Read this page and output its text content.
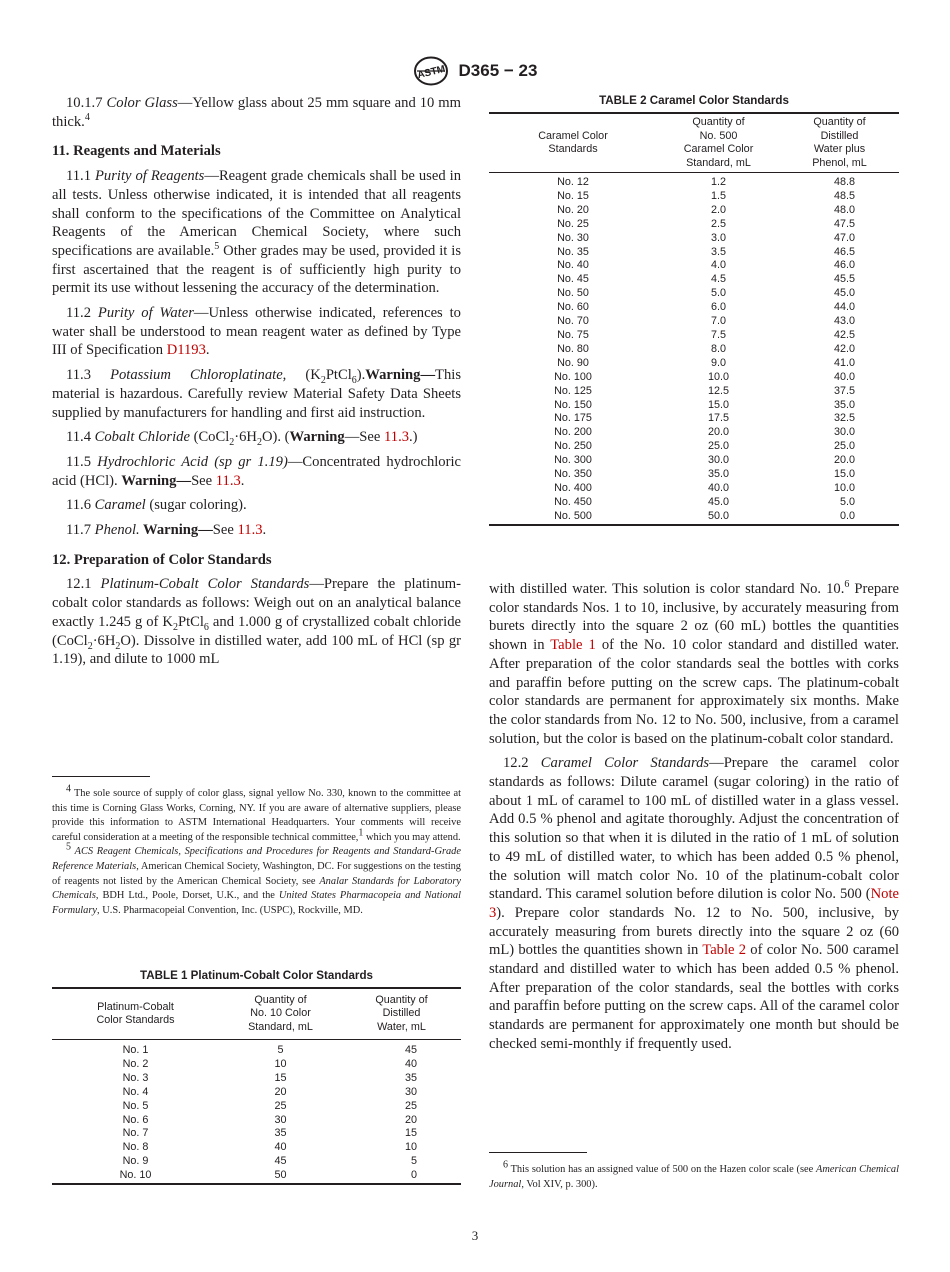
ASTM D365 − 23

10.1.7 Color Glass—Yellow glass about 25 mm square and 10 mm thick.$^4$

11. Reagents and Materials

11.1 Purity of Reagents—Reagent grade chemicals shall be used in all tests. Unless otherwise indicated, it is intended that all reagents shall conform to the specifications of the Committee on Analytical Reagents of the American Chemical Society, where such specifications are available.$^5$ Other grades may be used, provided it is first ascertained that the reagent is of sufficiently high purity to permit its use without lessening the accuracy of the determination.

11.2 Purity of Water—Unless otherwise indicated, references to water shall be understood to mean reagent water as defined by Type III of Specification D1193.

11.3 Potassium Chloroplatinate, $(K_2PtCl_6).Warning—This$ material is hazardous. Carefully review Material Safety Data Sheets supplied by manufacturers for handling and first aid instruction.

11.4 Cobalt Chloride $(CoCl_2\cdot 6H_2O)$. (Warning—See 11.3.)

11.5 Hydrochloric Acid (sp gr 1.19)—Concentrated hydrochloric acid (HCl). Warning—See 11.3.

11.6 Caramel (sugar coloring).

11.7 Phenol. Warning—See 11.3.

12. Preparation of Color Standards

12.1 Platinum-Cobalt Color Standards—Prepare the platinum-cobalt color standards as follows: Weigh out on an analytical balance exactly 1.245 g of $K_2PtCl_6$ and 1.000 g of crystallized cobalt chloride $(CoCl_2\cdot 6H_2O)$. Dissolve in distilled water, add 100 mL of HCl (sp gr 1.19), and dilute to 1000 mL

$^4$ The sole source of supply of color glass, signal yellow No. 330, known to the committee at this time is Corning Glass Works, Corning, NY. If you are aware of alternative suppliers, please provide this information to ASTM International Headquarters. Your comments will receive careful consideration at a meeting of the responsible technical committee,$^1$ which you may attend.

$^5$ ACS Reagent Chemicals, Specifications and Procedures for Reagents and Standard-Grade Reference Materials, American Chemical Society, Washington, DC. For suggestions on the testing of reagents not listed by the American Chemical Society, see Analar Standards for Laboratory Chemicals, BDH Ltd., Poole, Dorset, U.K., and the United States Pharmacopeia and National Formulary, U.S. Pharmacopeial Convention, Inc. (USPC), Rockville, MD.

TABLE 1 Platinum-Cobalt Color Standards
Platinum-Cobalt
Color Standards	Quantity of
No. 10 Color
Standard, mL	Quantity of
Distilled
Water, mL

No. 1	5	45
No. 2	10	40
No. 3	15	35
No. 4	20	30
No. 5	25	25
No. 6	30	20
No. 7	35	15
No. 8	40	10
No. 9	45	5
No. 10	50	0
TABLE 2 Caramel Color Standards
Caramel Color
Standards	Quantity of
No. 500
Caramel Color
Standard, mL	Quantity of
Distilled
Water plus
Phenol, mL

No. 12	1.2	48.8
No. 15	1.5	48.5
No. 20	2.0	48.0
No. 25	2.5	47.5
No. 30	3.0	47.0
No. 35	3.5	46.5
No. 40	4.0	46.0
No. 45	4.5	45.5
No. 50	5.0	45.0
No. 60	6.0	44.0
No. 70	7.0	43.0
No. 75	7.5	42.5
No. 80	8.0	42.0
No. 90	9.0	41.0
No. 100	10.0	40.0
No. 125	12.5	37.5
No. 150	15.0	35.0
No. 175	17.5	32.5
No. 200	20.0	30.0
No. 250	25.0	25.0
No. 300	30.0	20.0
No. 350	35.0	15.0
No. 400	40.0	10.0
No. 450	45.0	5.0
No. 500	50.0	0.0

with distilled water. This solution is color standard No. 10.$^6$ Prepare color standards Nos. 1 to 10, inclusive, by accurately measuring from burets directly into the square 2 oz (60 mL) bottles the quantities shown in Table 1 of the No. 10 color standard and distilled water. After preparation of the color standards seal the bottles with corks and paraffin before putting on the screw caps. The platinum-cobalt color standards are permanent for approximately six months. Make the color standards from No. 12 to No. 500, inclusive, from a caramel solution, but the color is based on the platinum-cobalt color standard.

12.2 Caramel Color Standards—Prepare the caramel color standards as follows: Dilute caramel (sugar coloring) in the ratio of about 1 mL of caramel to 100 mL of distilled water in a glass vessel. Add 0.5 % phenol and agitate thoroughly. Adjust the concentration of this solution so that when it is diluted in the ratio of 1 mL of solution to 49 mL of distilled water, to which has been added 0.5 % phenol, the solution will match color No. 10 of the platinum-cobalt color standard. This caramel solution before dilution is color No. 500 (Note 3). Prepare color standards No. 12 to No. 500, inclusive, by accurately measuring from burets directly into the square 2 oz (60 mL) bottles the quantities shown in Table 2 of color No. 500 caramel standard and distilled water to which has been added 0.5 % phenol. After preparation of the color standards, seal the bottles with corks and paraffin before putting on the screw caps. All of the caramel color standards are permanent for approximately one month but should be checked semi-monthly if frequently used.

$^6$ This solution has an assigned value of 500 on the Hazen color scale (see American Chemical Journal, Vol XIV, p. 300).

3
